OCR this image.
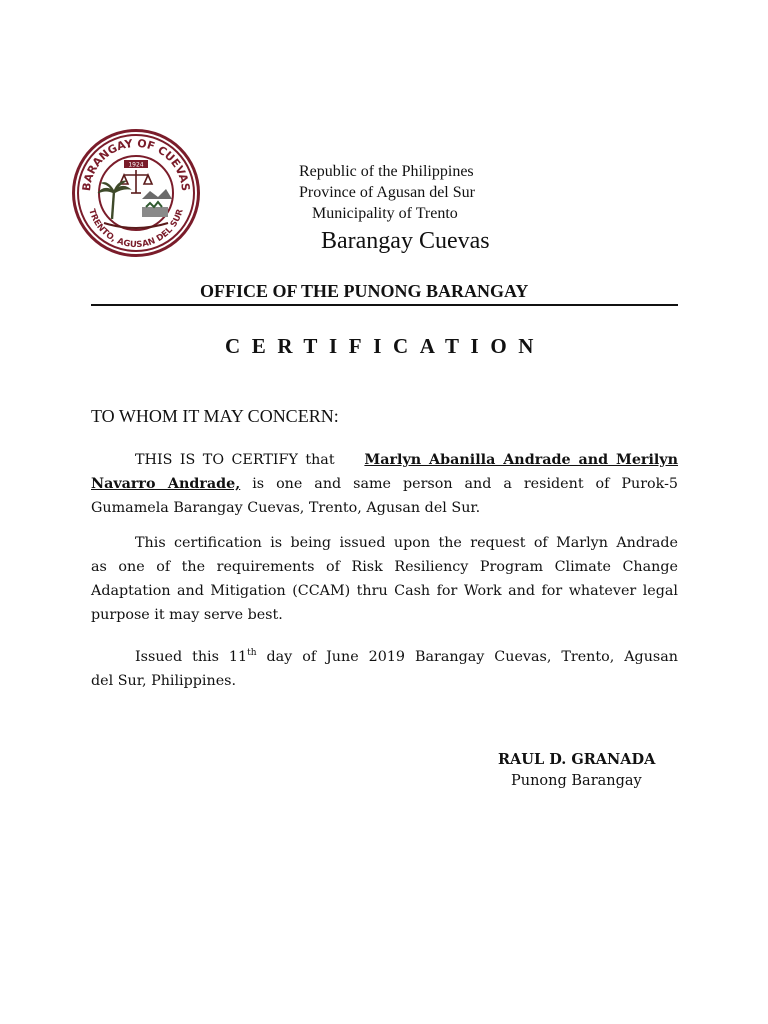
BARANGAY OF CUEVAS
TRENTO, AGUSAN DEL SUR
1924	Republic of the Philippines
Province of Agusan del Sur
Municipality of Trento
Barangay Cuevas
OFFICE OF THE PUNONG BARANGAY
CERTIFICATION
TO WHOM IT MAY CONCERN:
THIS IS TO CERTIFY that Marlyn Abanilla Andrade and Merilyn
Navarro Andrade, is one and same person and a resident of Purok-5
Gumamela Barangay Cuevas, Trento, Agusan del Sur.
This certification is being issued upon the request of Marlyn Andrade
as one of the requirements of Risk Resiliency Program Climate Change
Adaptation and Mitigation (CCAM) thru Cash for Work and for whatever legal
purpose it may serve best.
Issued this 11th day of June 2019 Barangay Cuevas, Trento, Agusan
del Sur, Philippines.
RAUL D. GRANADA
Punong Barangay
